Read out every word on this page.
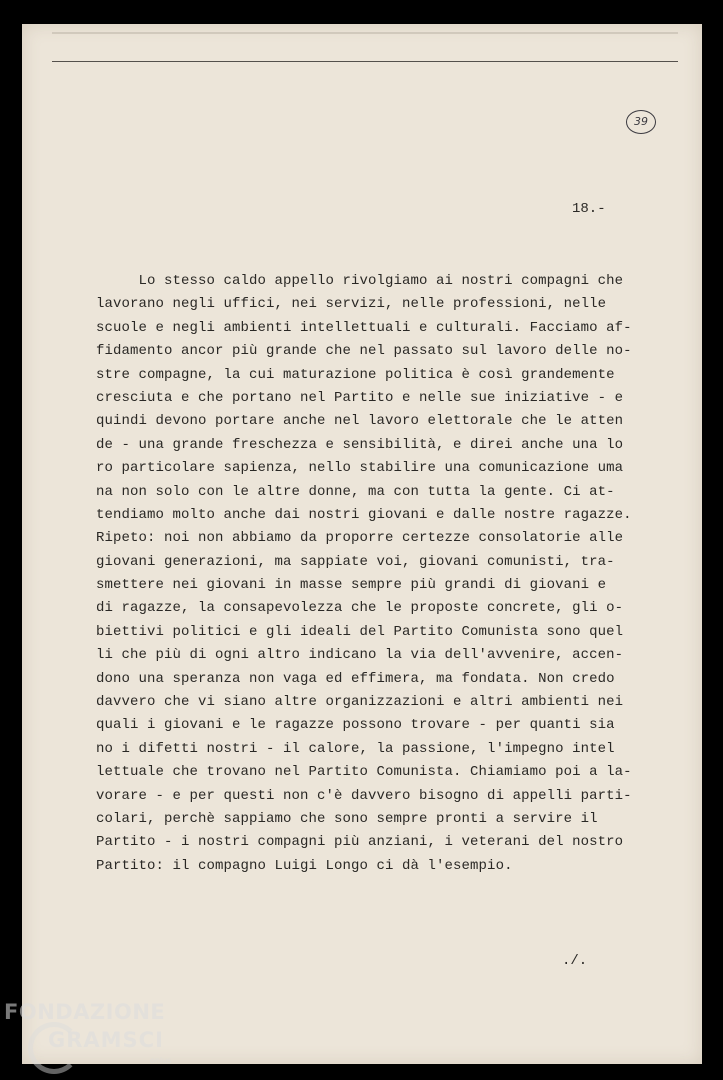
39
18.-
Lo stesso caldo appello rivolgiamo ai nostri compagni che
lavorano negli uffici, nei servizi, nelle professioni, nelle
scuole e negli ambienti intellettuali e culturali. Facciamo af-
fidamento ancor più grande che nel passato sul lavoro delle no-
stre compagne, la cui maturazione politica è così grandemente
cresciuta e che portano nel Partito e nelle sue iniziative - e
quindi devono portare anche nel lavoro elettorale che le atten
de - una grande freschezza e sensibilità, e direi anche una lo
ro particolare sapienza, nello stabilire una comunicazione uma
na non solo con le altre donne, ma con tutta la gente. Ci at-
tendiamo molto anche dai nostri giovani e dalle nostre ragazze.
Ripeto: noi non abbiamo da proporre certezze consolatorie alle
giovani generazioni, ma sappiate voi, giovani comunisti, tra-
smettere nei giovani in masse sempre più grandi di giovani e
di ragazze, la consapevolezza che le proposte concrete, gli o-
biettivi politici e gli ideali del Partito Comunista sono quel
li che più di ogni altro indicano la via dell'avvenire, accen-
dono una speranza non vaga ed effimera, ma fondata. Non credo
davvero che vi siano altre organizzazioni e altri ambienti nei
quali i giovani e le ragazze possono trovare - per quanti sia
no i difetti nostri - il calore, la passione, l'impegno intel
lettuale che trovano nel Partito Comunista. Chiamiamo poi a la-
vorare - e per questi non c'è davvero bisogno di appelli parti-
colari, perchè sappiamo che sono sempre pronti a servire il
Partito - i nostri compagni più anziani, i veterani del nostro
Partito: il compagno Luigi Longo ci dà l'esempio.
./.
FONDAZIONE
GRAMSCI
onlus
